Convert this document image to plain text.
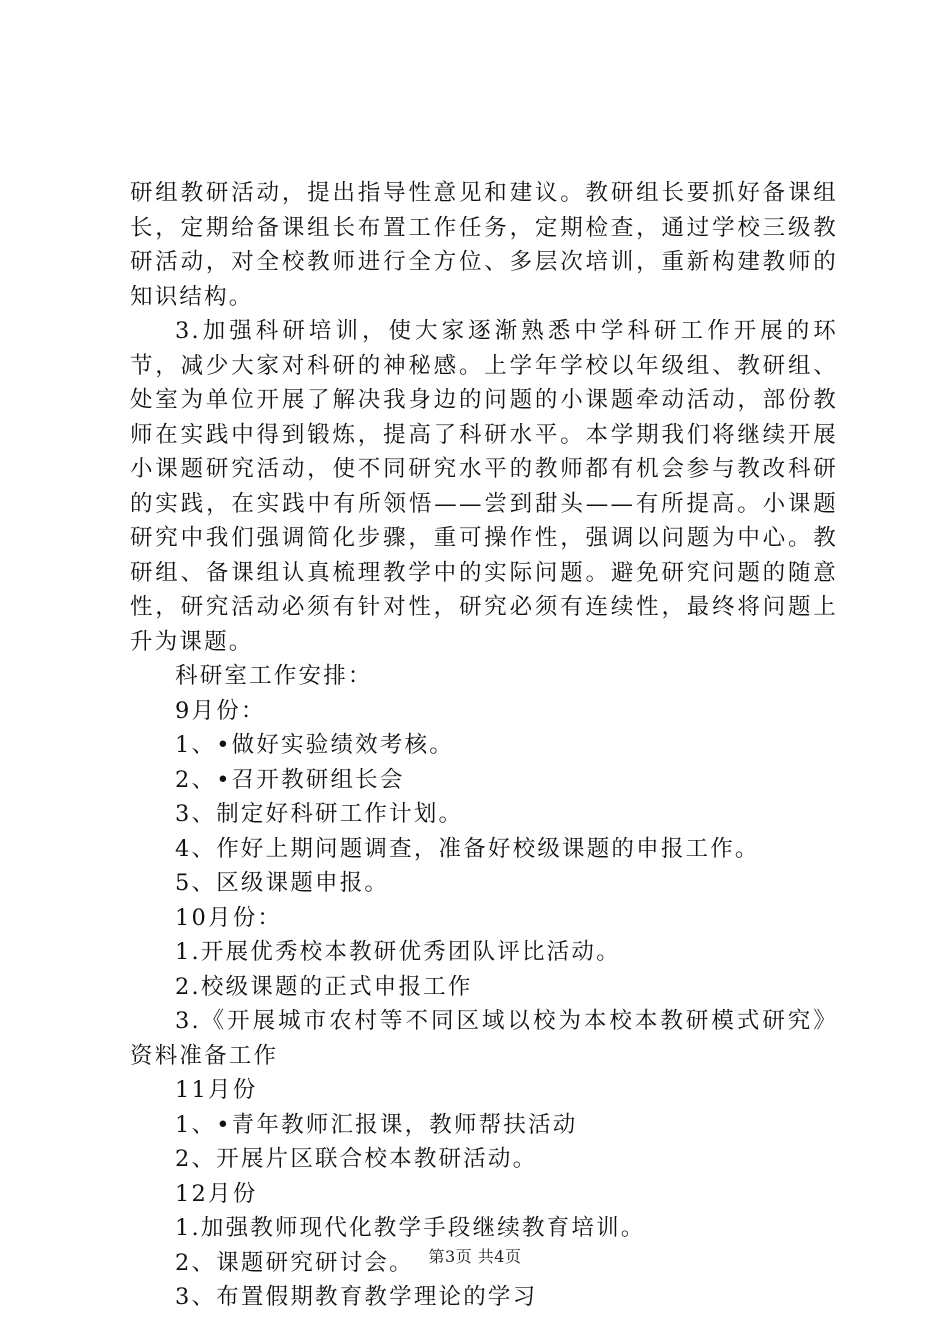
研组教研活动，提出指导性意见和建议。教研组长要抓好备课组长，定期给备课组长布置工作任务，定期检查，通过学校三级教研活动，对全校教师进行全方位、多层次培训，重新构建教师的知识结构。

3.加强科研培训，使大家逐渐熟悉中学科研工作开展的环节，减少大家对科研的神秘感。上学年学校以年级组、教研组、处室为单位开展了解决我身边的问题的小课题牵动活动，部份教师在实践中得到锻炼，提高了科研水平。本学期我们将继续开展小课题研究活动，使不同研究水平的教师都有机会参与教改科研的实践，在实践中有所领悟——尝到甜头——有所提高。小课题研究中我们强调简化步骤，重可操作性，强调以问题为中心。教研组、备课组认真梳理教学中的实际问题。避免研究问题的随意性，研究活动必须有针对性，研究必须有连续性，最终将问题上升为课题。

科研室工作安排：

9月份：

1、•做好实验绩效考核。

2、•召开教研组长会

3、制定好科研工作计划。

4、作好上期问题调查，准备好校级课题的申报工作。

5、区级课题申报。

10月份：

1.开展优秀校本教研优秀团队评比活动。

2.校级课题的正式申报工作

3.《开展城市农村等不同区域以校为本校本教研模式研究》资料准备工作

11月份

1、•青年教师汇报课，教师帮扶活动

2、开展片区联合校本教研活动。

12月份

1.加强教师现代化教学手段继续教育培训。

2、课题研究研讨会。

3、布置假期教育教学理论的学习

第3页 共4页
